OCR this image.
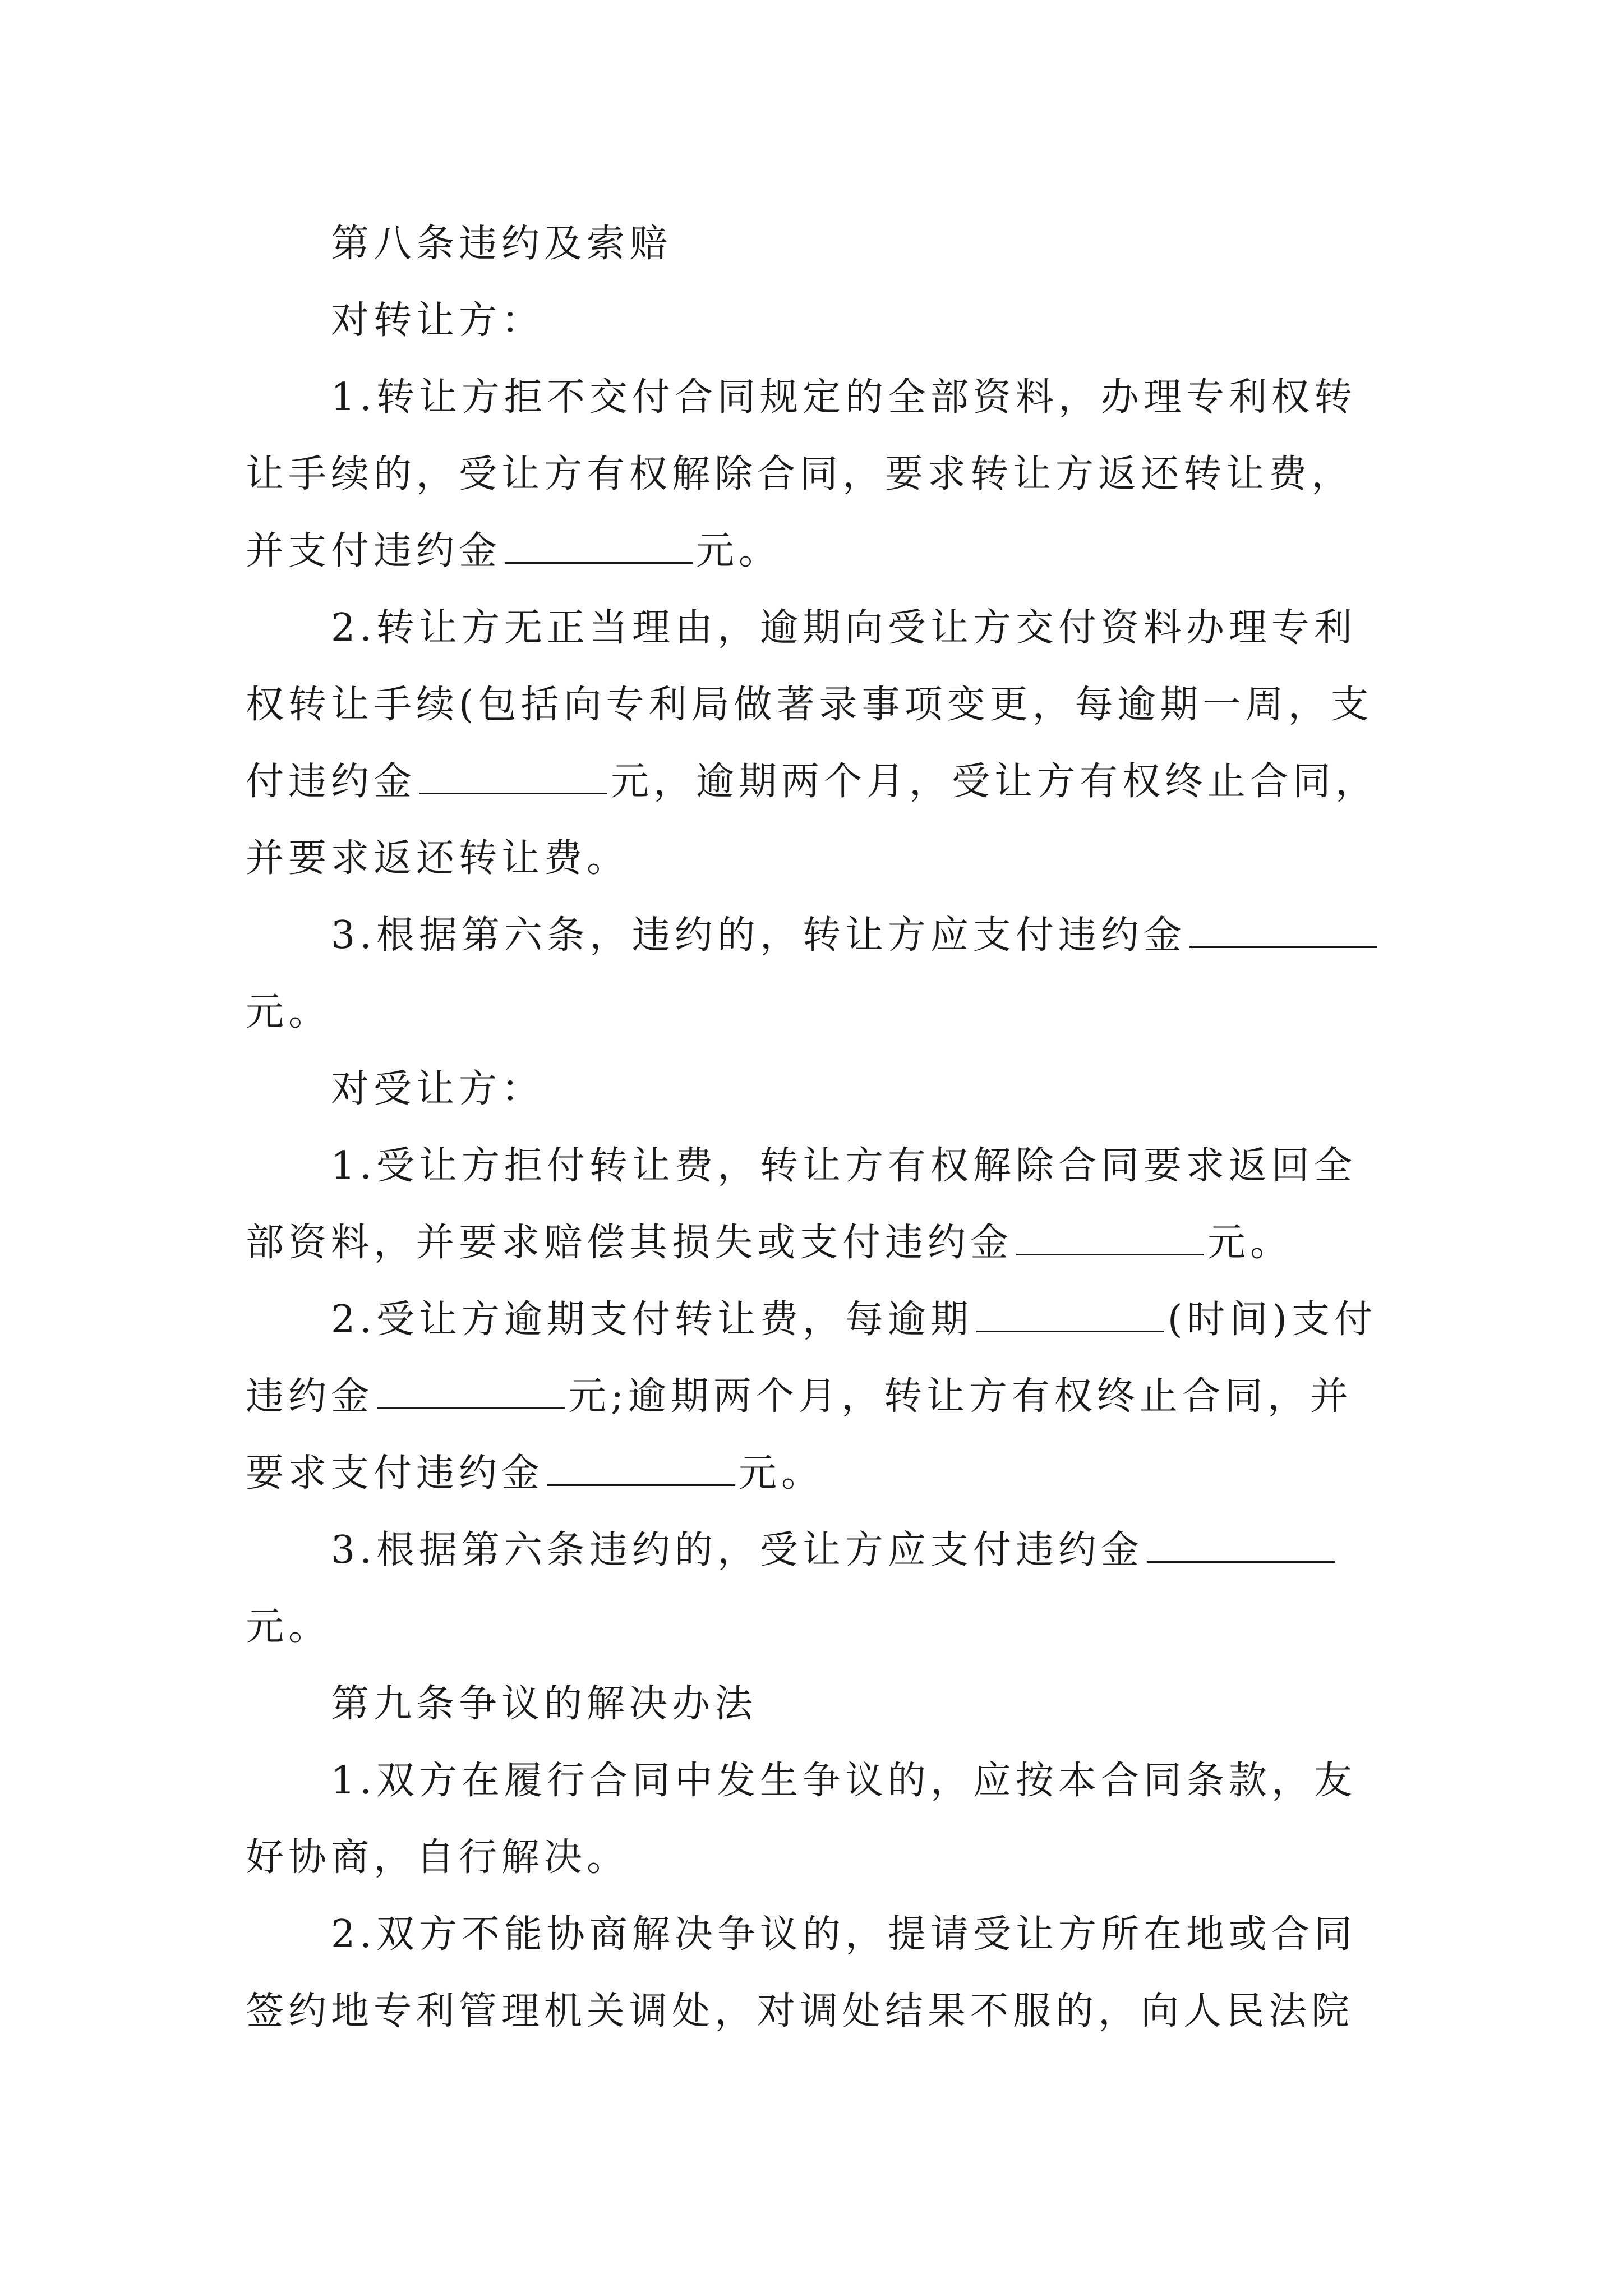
第八条违约及索赔

对转让方：

1.转让方拒不交付合同规定的全部资料，办理专利权转让手续的，受让方有权解除合同，要求转让方返还转让费，并支付违约金	元。

2.转让方无正当理由，逾期向受让方交付资料办理专利权转让手续(包括向专利局做著录事项变更，每逾期一周，支付违约金	元，逾期两个月，受让方有权终止合同，并要求返还转让费。

3.根据第六条，违约的，转让方应支付违约金元。

对受让方：

1.受让方拒付转让费，转让方有权解除合同要求返回全部资料，并要求赔偿其损失或支付违约金	元。

2.受让方逾期支付转让费，每逾期	(时间)支付违约金	元;逾期两个月，转让方有权终止合同，并要求支付违约金	元。

3.根据第六条违约的，受让方应支付违约金元。

第九条争议的解决办法

1.双方在履行合同中发生争议的，应按本合同条款，友好协商，自行解决。

2.双方不能协商解决争议的，提请受让方所在地或合同签约地专利管理机关调处，对调处结果不服的，向人民法院
